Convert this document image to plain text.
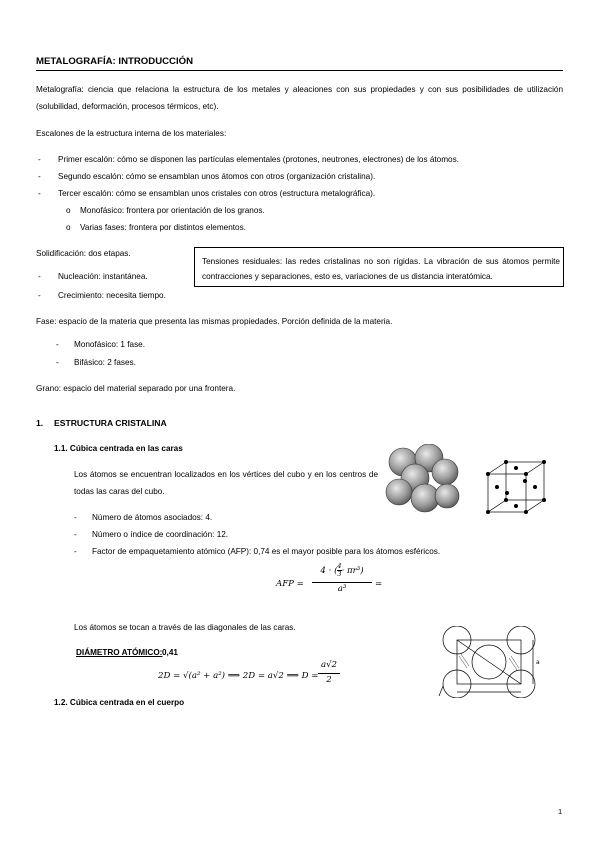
METALOGRAFÍA: INTRODUCCIÓN
Metalografía: ciencia que relaciona la estructura de los metales y aleaciones con sus propiedades y con sus posibilidades de utilización (solubilidad, deformación, procesos térmicos, etc).
Escalones de la estructura interna de los materiales:
- Primer escalón: cómo se disponen las partículas elementales (protones, neutrones, electrones) de los átomos.
- Segundo escalón: cómo se ensamblan unos átomos con otros (organización cristalina).
- Tercer escalón: cómo se ensamblan unos cristales con otros (estructura metalográfica).
o Monofásico: frontera por orientación de los granos.
o Varias fases: frontera por distintos elementos.
Solidificación: dos etapas.
- Nucleación: instantánea.
- Crecimiento: necesita tiempo.
Tensiones residuales: las redes cristalinas no son rígidas. La vibración de sus átomos permite contracciones y separaciones, esto es, variaciones de us distancia interatómica.
Fase: espacio de la materia que presenta las mismas propiedades. Porción definida de la materia.
- Monofásico: 1 fase.
- Bifásico: 2 fases.
Grano: espacio del material separado por una frontera.
1. ESTRUCTURA CRISTALINA
1.1. Cúbica centrada en las caras
Los átomos se encuentran localizados en los vértices del cubo y en los centros de todas las caras del cubo.
- Número de átomos asociados: 4.
- Número o índice de coordinación: 12.
- Factor de empaquetamiento atómico (AFP): 0,74 es el mayor posible para los átomos esféricos.
AFP =
4 · ( $\frac{4}{3} \cdot \pi r^3$)
a³	=
Los átomos se tocan a través de las diagonales de las caras.
a
DIÁMETRO ATÓMICO: 0,41
2D = √(a² + a²) ⟹ 2D = a√2 ⟹ D =
a√2
2
1.2. Cúbica centrada en el cuerpo
1
